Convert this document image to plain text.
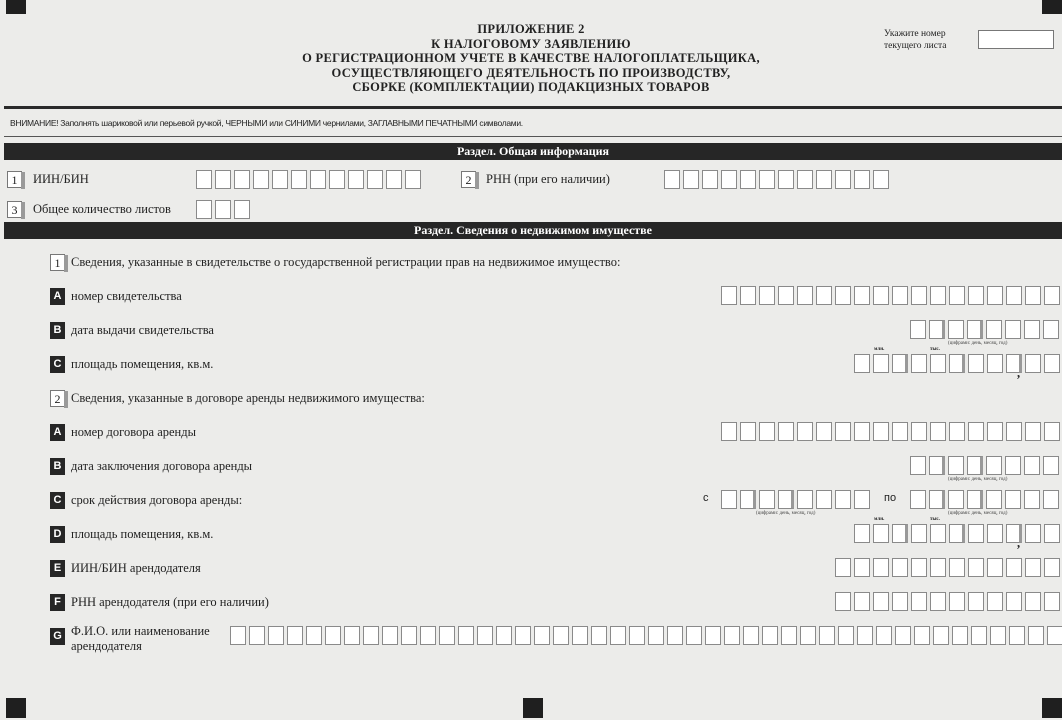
ПРИЛОЖЕНИЕ 2
К НАЛОГОВОМУ ЗАЯВЛЕНИЮ
О РЕГИСТРАЦИОННОМ УЧЕТЕ В КАЧЕСТВЕ НАЛОГОПЛАТЕЛЬЩИКА,
ОСУЩЕСТВЛЯЮЩЕГО ДЕЯТЕЛЬНОСТЬ ПО ПРОИЗВОДСТВУ,
СБОРКЕ (КОМПЛЕКТАЦИИ) ПОДАКЦИЗНЫХ ТОВАРОВ
Укажите номер
текущего листа
ВНИМАНИЕ! Заполнять шариковой или перьевой ручкой, ЧЕРНЫМИ или СИНИМИ чернилами, ЗАГЛАВНЫМИ ПЕЧАТНЫМИ символами.
Раздел. Общая информация
1	ИИН/БИН	2	РНН (при его наличии)
3	Общее количество листов
Раздел. Сведения о недвижимом имуществе
1 Сведения, указанные в свидетельстве о государственной регистрации прав на недвижимое имущество:
A номер свидетельства
B дата выдачи свидетельства
(цифрами: день, месяц, год)
C площадь помещения, кв.м.
млн.	тыс.
,
2 Сведения, указанные в договоре аренды недвижимого имущества:
A номер договора аренды
B дата заключения договора аренды
(цифрами: день, месяц, год)
C срок действия договора аренды:	с
(цифрами: день, месяц, год)
по
(цифрами: день, месяц, год)
D площадь помещения, кв.м.
млн.	тыс.
,
E ИИН/БИН арендодателя
F РНН арендодателя (при его наличии)
G Ф.И.О. или наименование
арендодателя
